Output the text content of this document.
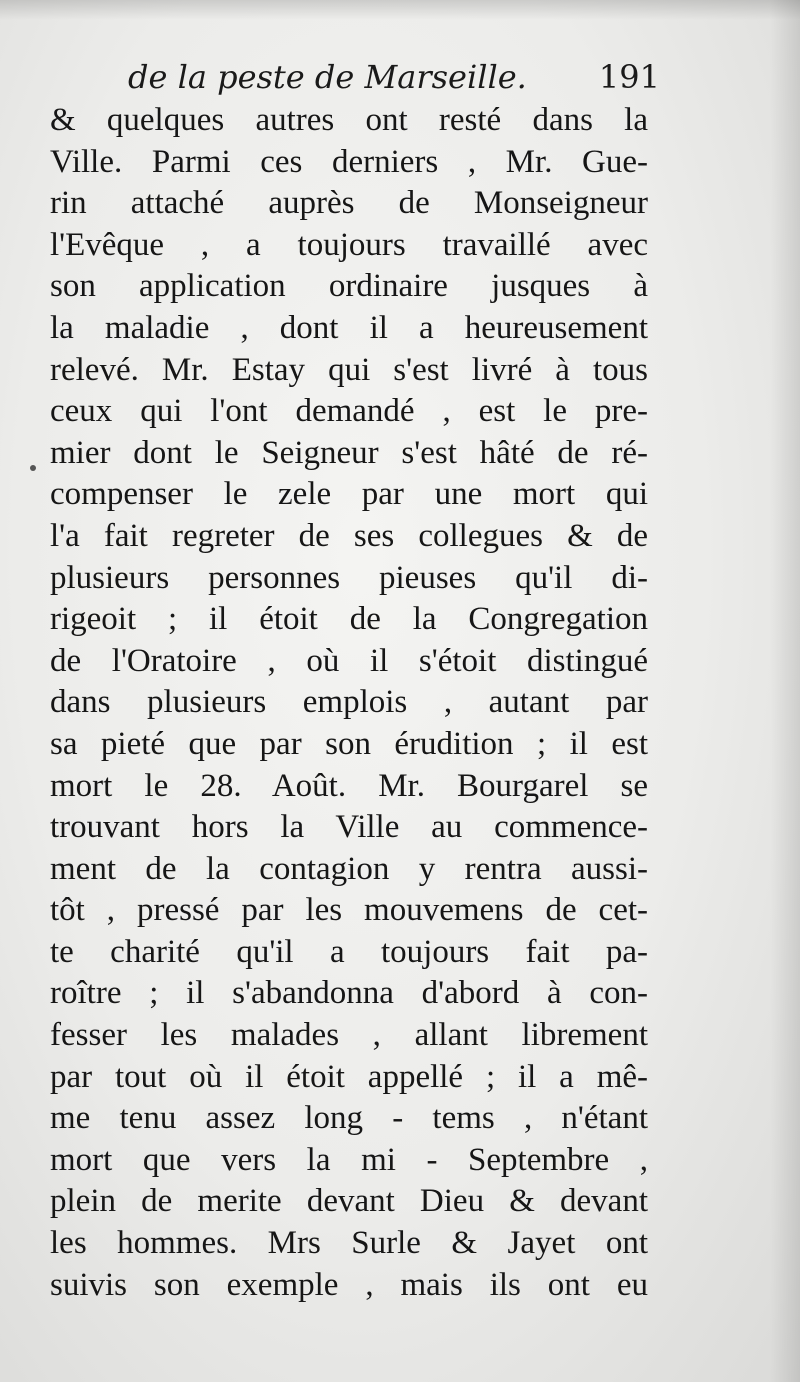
de la peste de Marseille. 191
& quelques autres ont resté dans la
Ville. Parmi ces derniers , Mr. Gue-
rin attaché auprès de Monseigneur
l'Evêque , a toujours travaillé avec
son application ordinaire jusques à
la maladie , dont il a heureusement
relevé. Mr. Estay qui s'est livré à tous
ceux qui l'ont demandé , est le pre-
mier dont le Seigneur s'est hâté de ré-
compenser le zele par une mort qui
l'a fait regreter de ses collegues & de
plusieurs personnes pieuses qu'il di-
rigeoit ; il étoit de la Congregation
de l'Oratoire , où il s'étoit distingué
dans plusieurs emplois , autant par
sa pieté que par son érudition ; il est
mort le 28. Août. Mr. Bourgarel se
trouvant hors la Ville au commence-
ment de la contagion y rentra aussi-
tôt , pressé par les mouvemens de cet-
te charité qu'il a toujours fait pa-
roître ; il s'abandonna d'abord à con-
fesser les malades , allant librement
par tout où il étoit appellé ; il a mê-
me tenu assez long - tems , n'étant
mort que vers la mi - Septembre ,
plein de merite devant Dieu & devant
les hommes. Mrs Surle & Jayet ont
suivis son exemple , mais ils ont eu
